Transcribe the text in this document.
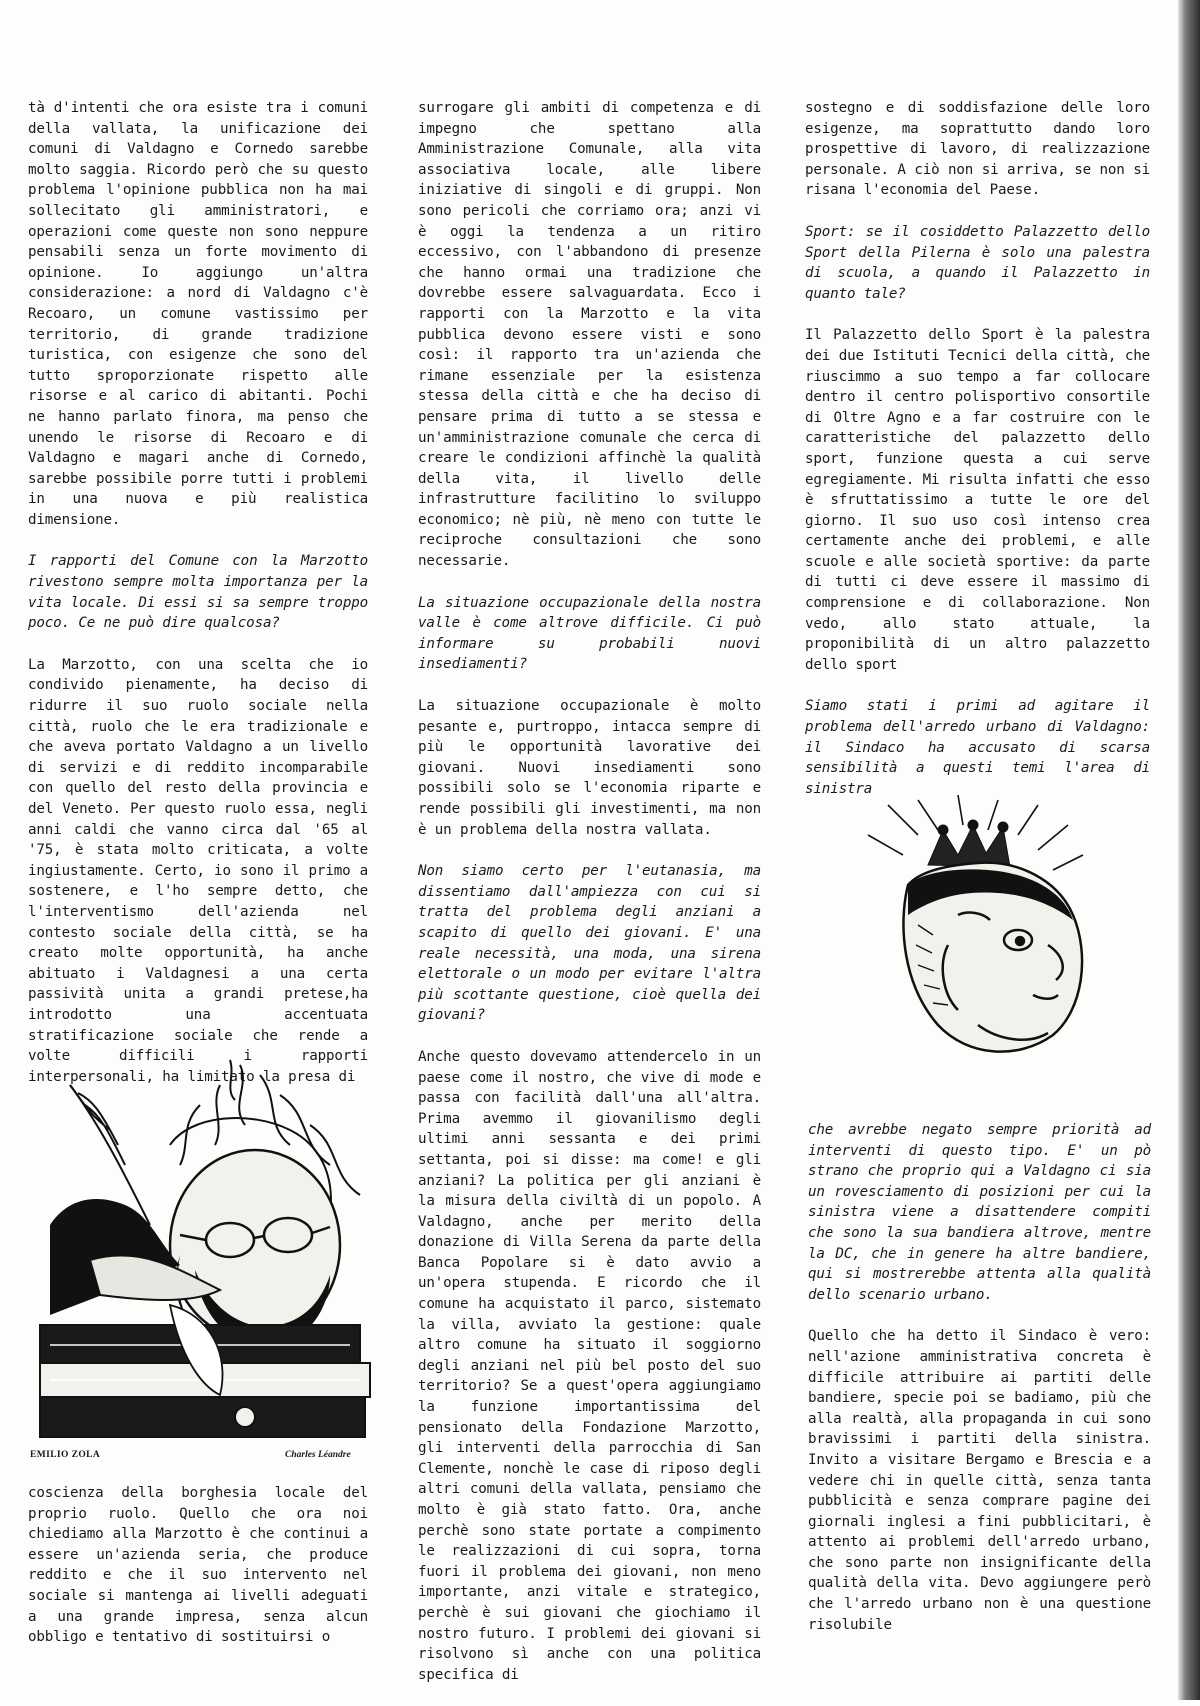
tà d'intenti che ora esiste tra i comuni della vallata, la unificazione dei comuni di Valdagno e Cornedo sarebbe molto saggia. Ricordo però che su questo problema l'opinione pubblica non ha mai sollecitato gli amministratori, e operazioni come queste non sono neppure pensabili senza un forte movimento di opinione. Io aggiungo un'altra considerazione: a nord di Valdagno c'è Recoaro, un comune vastissimo per territorio, di grande tradizione turistica, con esigenze che sono del tutto sproporzionate rispetto alle risorse e al carico di abitanti. Pochi ne hanno parlato finora, ma penso che unendo le risorse di Recoaro e di Valdagno e magari anche di Cornedo, sarebbe possibile porre tutti i problemi in una nuova e più realistica dimensione.

I rapporti del Comune con la Marzotto rivestono sempre molta importanza per la vita locale. Di essi si sa sempre troppo poco. Ce ne può dire qualcosa?

La Marzotto, con una scelta che io condivido pienamente, ha deciso di ridurre il suo ruolo sociale nella città, ruolo che le era tradizionale e che aveva portato Valdagno a un livello di servizi e di reddito incomparabile con quello del resto della provincia e del Veneto. Per questo ruolo essa, negli anni caldi che vanno circa dal '65 al '75, è stata molto criticata, a volte ingiustamente. Certo, io sono il primo a sostenere, e l'ho sempre detto, che l'interventismo dell'azienda nel contesto sociale della città, se ha creato molte opportunità, ha anche abituato i Valdagnesi a una certa passività unita a grandi pretese,ha introdotto una accentuata stratificazione sociale che rende a volte difficili i rapporti interpersonali, ha limitato la presa di

EMILIO ZOLA	Charles Léandre

coscienza della borghesia locale del proprio ruolo. Quello che ora noi chiediamo alla Marzotto è che continui a essere un'azienda seria, che produce reddito e che il suo intervento nel sociale si mantenga ai livelli adeguati a una grande impresa, senza alcun obbligo e tentativo di sostituirsi o

surrogare gli ambiti di competenza e di impegno che spettano alla Amministrazione Comunale, alla vita associativa locale, alle libere iniziative di singoli e di gruppi. Non sono pericoli che corriamo ora; anzi vi è oggi la tendenza a un ritiro eccessivo, con l'abbandono di presenze che hanno ormai una tradizione che dovrebbe essere salvaguardata. Ecco i rapporti con la Marzotto e la vita pubblica devono essere visti e sono così: il rapporto tra un'azienda che rimane essenziale per la esistenza stessa della città e che ha deciso di pensare prima di tutto a se stessa e un'amministrazione comunale che cerca di creare le condizioni affinchè la qualità della vita, il livello delle infrastrutture facilitino lo sviluppo economico; nè più, nè meno con tutte le reciproche consultazioni che sono necessarie.

La situazione occupazionale della nostra valle è come altrove difficile. Ci può informare su probabili nuovi insediamenti?

La situazione occupazionale è molto pesante e, purtroppo, intacca sempre di più le opportunità lavorative dei giovani. Nuovi insediamenti sono possibili solo se l'economia riparte e rende possibili gli investimenti, ma non è un problema della nostra vallata.

Non siamo certo per l'eutanasia, ma dissentiamo dall'ampiezza con cui si tratta del problema degli anziani a scapito di quello dei giovani. E' una reale necessità, una moda, una sirena elettorale o un modo per evitare l'altra più scottante questione, cioè quella dei giovani?

Anche questo dovevamo attendercelo in un paese come il nostro, che vive di mode e passa con facilità dall'una all'altra. Prima avemmo il giovanilismo degli ultimi anni sessanta e dei primi settanta, poi si disse: ma come! e gli anziani? La politica per gli anziani è la misura della civiltà di un popolo. A Valdagno, anche per merito della donazione di Villa Serena da parte della Banca Popolare si è dato avvio a un'opera stupenda. E ricordo che il comune ha acquistato il parco, sistemato la villa, avviato la gestione: quale altro comune ha situato il soggiorno degli anziani nel più bel posto del suo territorio? Se a quest'opera aggiungiamo la funzione importantissima del pensionato della Fondazione Marzotto, gli interventi della parrocchia di San Clemente, nonchè le case di riposo degli altri comuni della vallata, pensiamo che molto è già stato fatto. Ora, anche perchè sono state portate a compimento le realizzazioni di cui sopra, torna fuori il problema dei giovani, non meno importante, anzi vitale e strategico, perchè è sui giovani che giochiamo il nostro futuro. I problemi dei giovani si risolvono sì anche con una politica specifica di

sostegno e di soddisfazione delle loro esigenze, ma soprattutto dando loro prospettive di lavoro, di realizzazione personale. A ciò non si arriva, se non si risana l'economia del Paese.

Sport: se il cosiddetto Palazzetto dello Sport della Pilerna è solo una palestra di scuola, a quando il Palazzetto in quanto tale?

Il Palazzetto dello Sport è la palestra dei due Istituti Tecnici della città, che riuscimmo a suo tempo a far collocare dentro il centro polisportivo consortile di Oltre Agno e a far costruire con le caratteristiche del palazzetto dello sport, funzione questa a cui serve egregiamente. Mi risulta infatti che esso è sfruttatissimo a tutte le ore del giorno. Il suo uso così intenso crea certamente anche dei problemi, e alle scuole e alle società sportive: da parte di tutti ci deve essere il massimo di comprensione e di collaborazione. Non vedo, allo stato attuale, la proponibilità di un altro palazzetto dello sport

Siamo stati i primi ad agitare il problema dell'arredo urbano di Valdagno: il Sindaco ha accusato di scarsa sensibilità a questi temi l'area di sinistra

che avrebbe negato sempre priorità ad interventi di questo tipo. E' un pò strano che proprio qui a Valdagno ci sia un rovesciamento di posizioni per cui la sinistra viene a disattendere compiti che sono la sua bandiera altrove, mentre la DC, che in genere ha altre bandiere, qui si mostrerebbe attenta alla qualità dello scenario urbano.

Quello che ha detto il Sindaco è vero: nell'azione amministrativa concreta è difficile attribuire ai partiti delle bandiere, specie poi se badiamo, più che alla realtà, alla propaganda in cui sono bravissimi i partiti della sinistra. Invito a visitare Bergamo e Brescia e a vedere chi in quelle città, senza tanta pubblicità e senza comprare pagine dei giornali inglesi a fini pubblicitari, è attento ai problemi dell'arredo urbano, che sono parte non insignificante della qualità della vita. Devo aggiungere però che l'arredo urbano non è una questione risolubile
